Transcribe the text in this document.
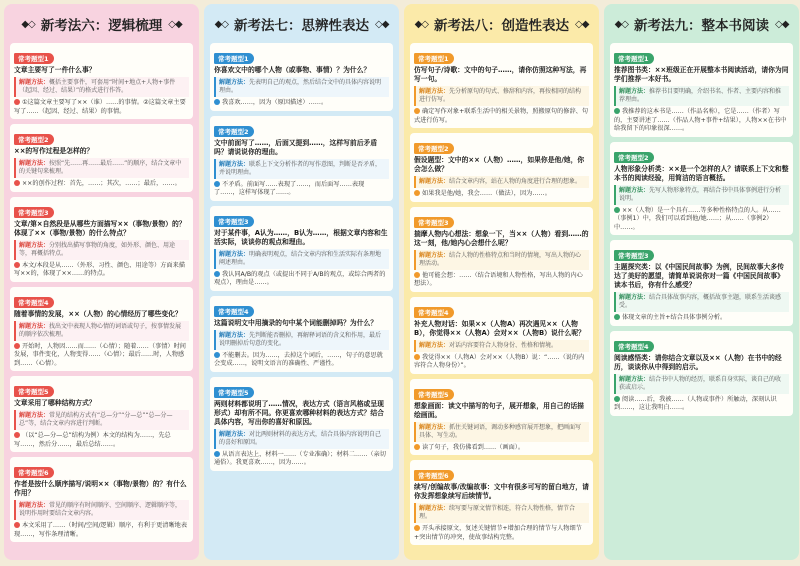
◆◇ 新考法六：逻辑梳理 ◇◆
常考题型1
文章主要写了一件什么事？
解题方法：概括主要事件，可套用“时间+地点+人物+事件（起因、经过、结果）”的格式进行作答。
①这篇文章主要写了××（谁）……的事情。②这篇文章主要写了……（起因、经过、结果）的事情。
常考题型2
××的写作过程是怎样的？
解题方法：按照“先……再……最后……”的顺序，结合文章中的关键句来梳理。
××的创作过程：首先，……；其次，……；最后，……。
常考题型3
文章/第×自然段是从哪些方面描写××（事物/景物）的？体现了××（事物/景物）的什么特点？
解题方法：分别找出描写事物的角度，如外形、颜色、用途等，再概括特点。
本文/本段是从……（外形、习性、颜色、用途等）方面来描写××的，体现了××……的特点。
常考题型4
随着事情的发展，××（人物）的心情经历了哪些变化？
解题方法：找出文中表现人物心情的词语或句子，按事情发展的顺序依次梳理。
开始时，人物因……而……（心情）；随着……（事情）时间发展，事件变化，人物变得……（心情）；最后……时，人物感到……（心情）。
常考题型5
文章采用了哪种结构方式？
解题方法：常见的结构方式有“总—分”“分—总”“总—分—总”等，结合文章内容进行判断。
（以“总—分—总”结构为例）本文的结构为……，先总写……，然后分……，最后总结……。
常考题型6
作者是按什么顺序描写/说明××（事物/景物）的？有什么作用？
解题方法：常见的顺序有时间顺序、空间顺序、逻辑顺序等，说明作用时要结合文章内容。
本文采用了……（时间/空间/逻辑）顺序，有利于更清晰地表现……，写作条理清晰。
◆◇ 新考法七：思辨性表达 ◇◆
常考题型1
你喜欢文中的哪个人物（或事物、事情）？为什么？
解题方法：先表明自己的观点，然后结合文中的具体内容说明理由。
我喜欢……，因为（原因描述）……。
常考题型2
文中前面写了……，后面又提到……，这样写前后矛盾吗？请说说你的理由。
解题方法：联系上下文分析作者的写作意图，判断是否矛盾，并说明理由。
不矛盾。前面写……表现了……，而后面写……表现了……，这样写体现了……。
常考题型3
对于某件事，A认为……，B认为……，根据文章内容和生活实际，谈谈你的观点和理由。
解题方法：明确表明观点，结合文章内容和生活实际有条理地阐述理由。
我认同A/B的观点（或提出不同于A/B的观点，或综合两者的观点），理由是……。
常考题型4
这篇说明文中用摘录的句中某个词能删掉吗？为什么？
解题方法：先判断能否删掉，再解释词语的含义和作用，最后说明删掉后句意的变化。
不能删去。因为……，去掉这个词后，……，句子的意思就会变成……，说明文语言的准确性、严谨性。
常考题型5
两则材料都说明了……情况，表达方式（语言风格或呈现形式）却有所不同。你更喜欢哪种材料的表达方式？结合具体内容，写出你的喜好和原因。
解题方法：对比两则材料的表达方式，结合具体内容说明自己的喜好和原因。
从语言表达上，材料一……（专业准确）；材料二……（亲切通俗）。我更喜欢……，因为……。
◆◇ 新考法八：创造性表达 ◇◆
常考题型1
仿写句子/诗歌：文中的句子……，请你仿照这种写法，再写一句。
解题方法：先分析原句的句式、修辞和内容，再按相同的结构进行仿写。
确定写作对象+联系生活中的相关景物，照搬原句的修辞、句式进行仿写。
常考题型2
假设题型：文中的××（人物）……，如果你是他/她，你会怎么做？
解题方法：结合文章内容，站在人物的角度进行合理的想象。
如果我是他/她，我会……（做法），因为……。
常考题型3
揣摩人物内心想法：想象一下，当××（人物）看到……的这一刻，他/她内心会想什么呢？
解题方法：结合人物的性格特点和当时的情境，写出人物的心理活动。
他可能会想：……（结合语境和人物性格，写出人物的内心想法）。
常考题型4
补充人物对话：如果××（人物A）再次遇见××（人物B），你觉得××（人物A）会对××（人物B）说什么呢？
解题方法：对话内容要符合人物身份、性格和情境。
我觉得××（人物A）会对××（人物B）说：“……（说的内容符合人物身份）”。
常考题型5
想象画面：读文中描写的句子，展开想象，用自己的话描绘画面。
解题方法：抓住关键词语，调动多种感官展开想象，把画面写具体、写生动。
读了句子，我仿佛看到……（画面）。
常考题型6
续写/创编故事/改编故事：文中有很多可写的留白地方，请你发挥想象续写后续情节。
解题方法：续写要与原文情节相连，符合人物性格，情节合理。
开头承接原文，复述关键情节+增加合理的情节与人物细节+突出情节的冲突，使故事结构完整。
◆◇ 新考法九：整本书阅读 ◇◆
常考题型1
推荐图书类：××班级正在开展整本书阅读活动，请你为同学们推荐一本好书。
解题方法：推荐书目要明确，介绍书名、作者、主要内容和推荐理由。
我推荐的这本书是……（作品名称），它是……（作者）写的，主要讲述了……（作品人物+事件+结果），人物××在书中给我留下的印象很深……。
常考题型2
人物形象分析类：××是一个怎样的人？请联系上下文和整本书的阅读经验，用简洁的语言概括。
解题方法：先写人物形象特点，再结合书中具体事例进行分析说明。
××（人物）是一个具有……等多种性格特点的人。从……（事例1）中，我们可以看到他/她……；从……（事例2）中……。
常考题型3
主题探究类：以《中国民间故事》为例，民间故事大多传达了美好的愿望，请简单说说你对一篇《中国民间故事》读本书后，你有什么感受？
解题方法：结合具体故事内容，概括故事主题，联系生活谈感受。
体现文章的主旨+结合具体事例分析。
常考题型4
阅读感悟类：请你结合文章以及××（人物）在书中的经历，谈谈你从中得到的启示。
解题方法：结合书中人物的经历，联系自身实际，谈自己的收获或启示。
阅读……后，我被……（人物或事件）所触动，深刻认识到……，这让我明白……。
